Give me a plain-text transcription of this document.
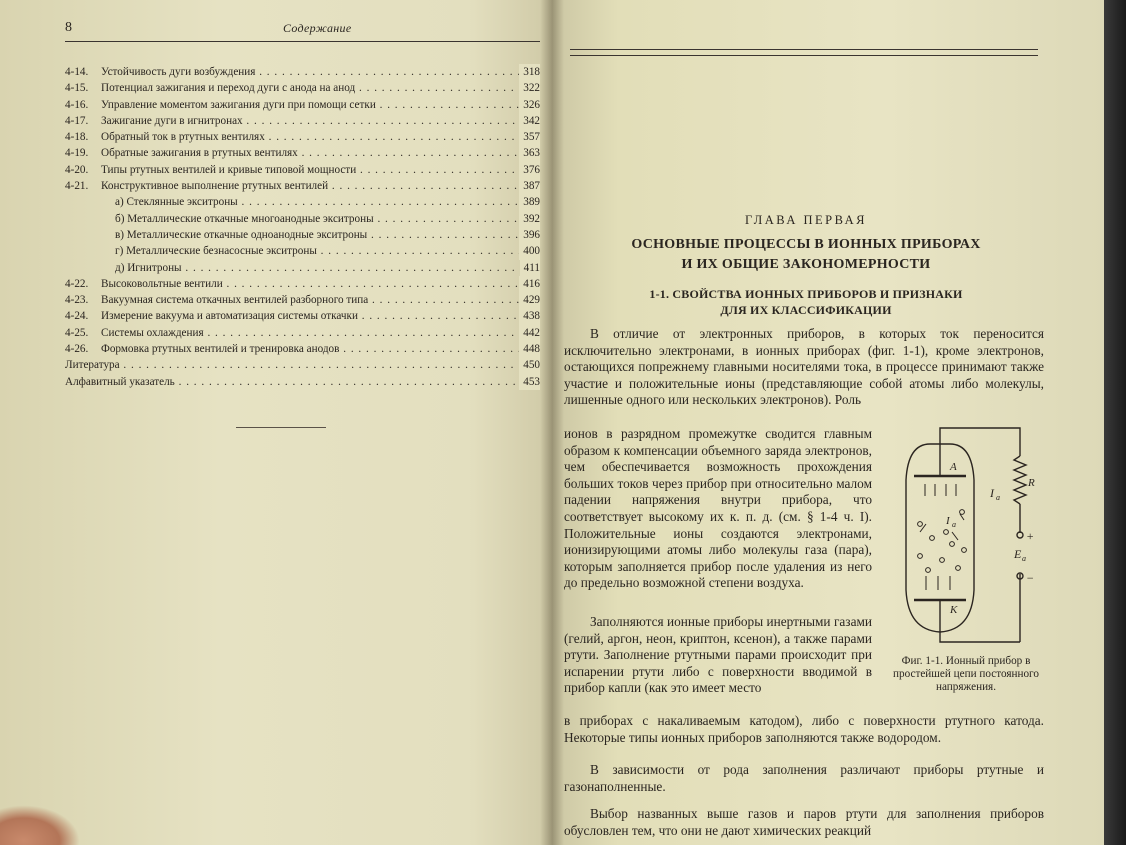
8	Содержание
4-14. Устойчивость дуги возбуждения . . .	318
4-15. Потенциал зажигания и переход дуги с анода на анод . . .	322
4-16. Управление моментом зажигания дуги при помощи сетки . . .	326
4-17. Зажигание дуги в игнитронах . . .	342
4-18. Обратный ток в ртутных вентилях . . .	357
4-19. Обратные зажигания в ртутных вентилях . . .	363
4-20. Типы ртутных вентилей и кривые типовой мощности . . .	376
4-21. Конструктивное выполнение ртутных вентилей . . .	387
а) Стеклянные экситроны . . .	389
б) Металлические откачные многоанодные экситроны . . .	392
в) Металлические откачные одноанодные экситроны . . .	396
г) Металлические безнасосные экситроны . . .	400
д) Игнитроны . . .	411
4-22. Высоковольтные вентили . . .	416
4-23. Вакуумная система откачных вентилей разборного типа . . .	429
4-24. Измерение вакуума и автоматизация системы откачки . . .	438
4-25. Системы охлаждения . . .	442
4-26. Формовка ртутных вентилей и тренировка анодов . . .	448
Литература . . .	450
Алфавитный указатель . . .	453
ГЛАВА ПЕРВАЯ
ОСНОВНЫЕ ПРОЦЕССЫ В ИОННЫХ ПРИБОРАХ
И ИХ ОБЩИЕ ЗАКОНОМЕРНОСТИ
1-1. СВОЙСТВА ИОННЫХ ПРИБОРОВ И ПРИЗНАКИ
ДЛЯ ИХ КЛАССИФИКАЦИИ
В отличие от электронных приборов, в которых ток переносится исключительно электронами, в ионных приборах (фиг. 1-1), кроме электронов, остающихся попрежнему главными носителями тока, в процессе принимают также участие и положительные ионы (представляющие собой атомы либо молекулы, лишенные одного или нескольких электронов). Роль
ионов в разрядном промежутке сводится главным образом к компенсации объемного заряда электронов, чем обеспечивается возможность прохождения больших токов через прибор при относительно малом падении напряжения внутри прибора, что соответствует высокому их к. п. д. (см. § 1-4 ч. I). Положительные ионы создаются электронами, ионизирующими атомы либо молекулы газа (пара), которым заполняется прибор после удаления из него до предельно возможной степени воздуха.
Заполняются ионные приборы инертными газами (гелий, аргон, неон, криптон, ксенон), а также парами ртути. Заполнение ртутными парами происходит при испарении ртути либо с поверхности вводимой в прибор капли (как это имеет место
в приборах с накаливаемым катодом), либо с поверхности ртутного катода. Некоторые типы ионных приборов заполняются также водородом.
В зависимости от рода заполнения различают приборы ртутные и газонаполненные.
Выбор названных выше газов и паров ртути для заполнения приборов обусловлен тем, что они не дают химических реакций
A
K
I a
I a
R
+
E a
−
Фиг. 1-1. Ионный прибор в простейшей цепи постоянного напряжения.
